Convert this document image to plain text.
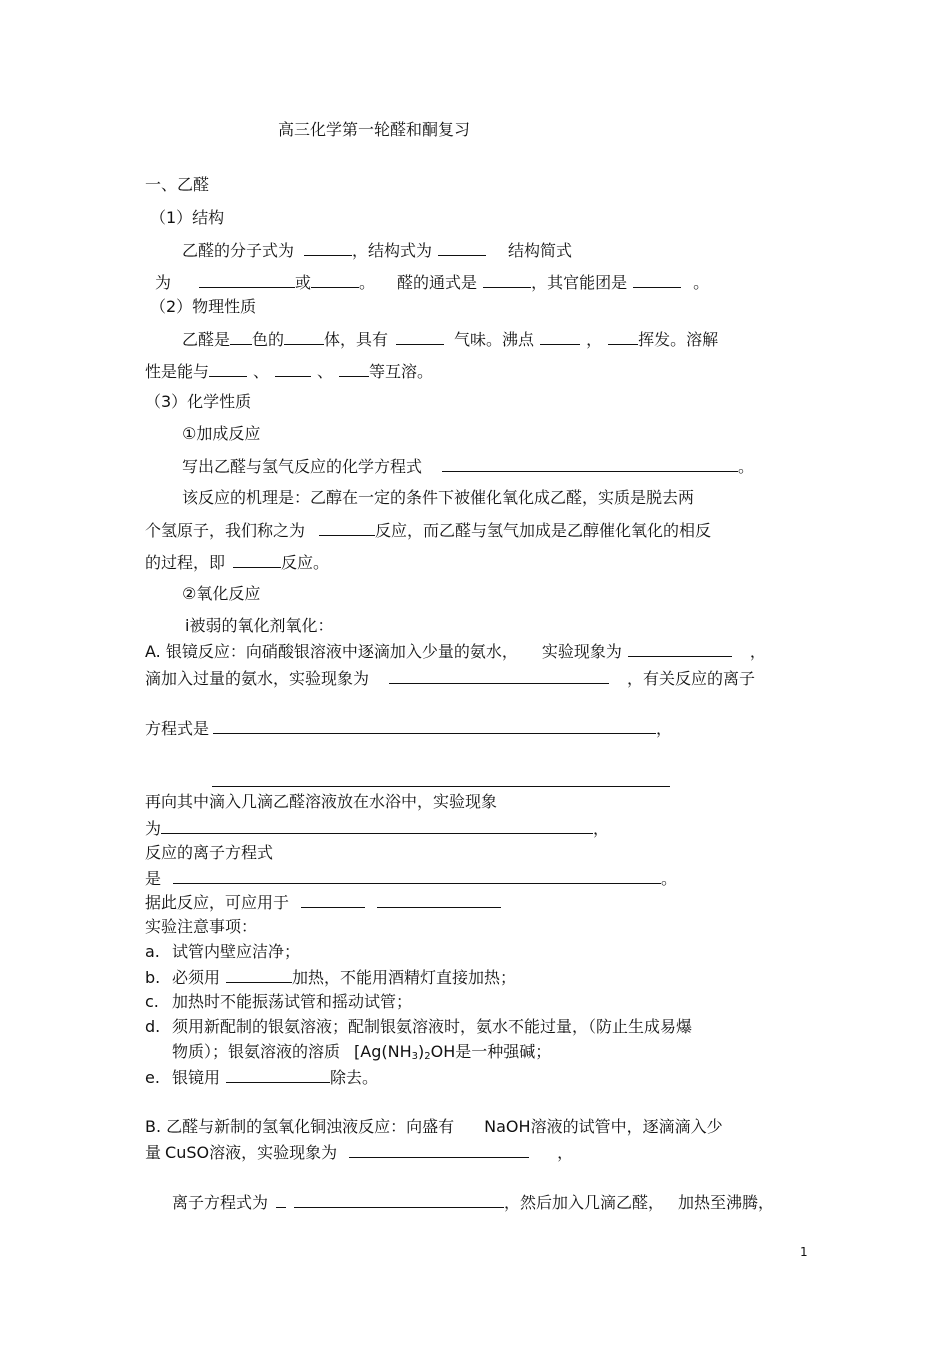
高三化学第一轮醛和酮复习
一、乙醛
（1）结构
乙醛的分子式为	，结构式为	结构简式
为	或	。 醛的通式是	，其官能团是	。
（2）物理性质
乙醛是 色的	体，具有	气味。沸点	， 挥发。溶解
性是能与	、	、 等互溶。
（3）化学性质
①加成反应
写出乙醛与氢气反应的化学方程式	。
该反应的机理是：乙醇在一定的条件下被催化氧化成乙醛，实质是脱去两
个氢原子，我们称之为	反应，而乙醛与氢气加成是乙醇催化氧化的相反
的过程，即	反应。
②氧化反应
ⅰ被弱的氧化剂氧化：
A. 银镜反应：向硝酸银溶液中逐滴加入少量的氨水， 实验现象为	，
滴加入过量的氨水，实验现象为	，有关反应的离子
方程式是	，
再向其中滴入几滴乙醛溶液放在水浴中，实验现象
为	，
反应的离子方程式
是	。
据此反应，可应用于
实验注意事项：
a. 试管内壁应洁净；
b. 必须用	加热，不能用酒精灯直接加热；
c. 加热时不能振荡试管和摇动试管；
d. 须用新配制的银氨溶液；配制银氨溶液时，氨水不能过量，（防止生成易爆
物质）；银氨溶液的溶质 [$Ag(NH_3)_2OH$是一种强碱；
e. 银镜用	除去。
B. 乙醛与新制的氢氧化铜浊液反应：向盛有 NaOH溶液的试管中，逐滴滴入少
量 CuSO溶液，实验现象为	，
离子方程式为	，然后加入几滴乙醛， 加热至沸腾，
1
